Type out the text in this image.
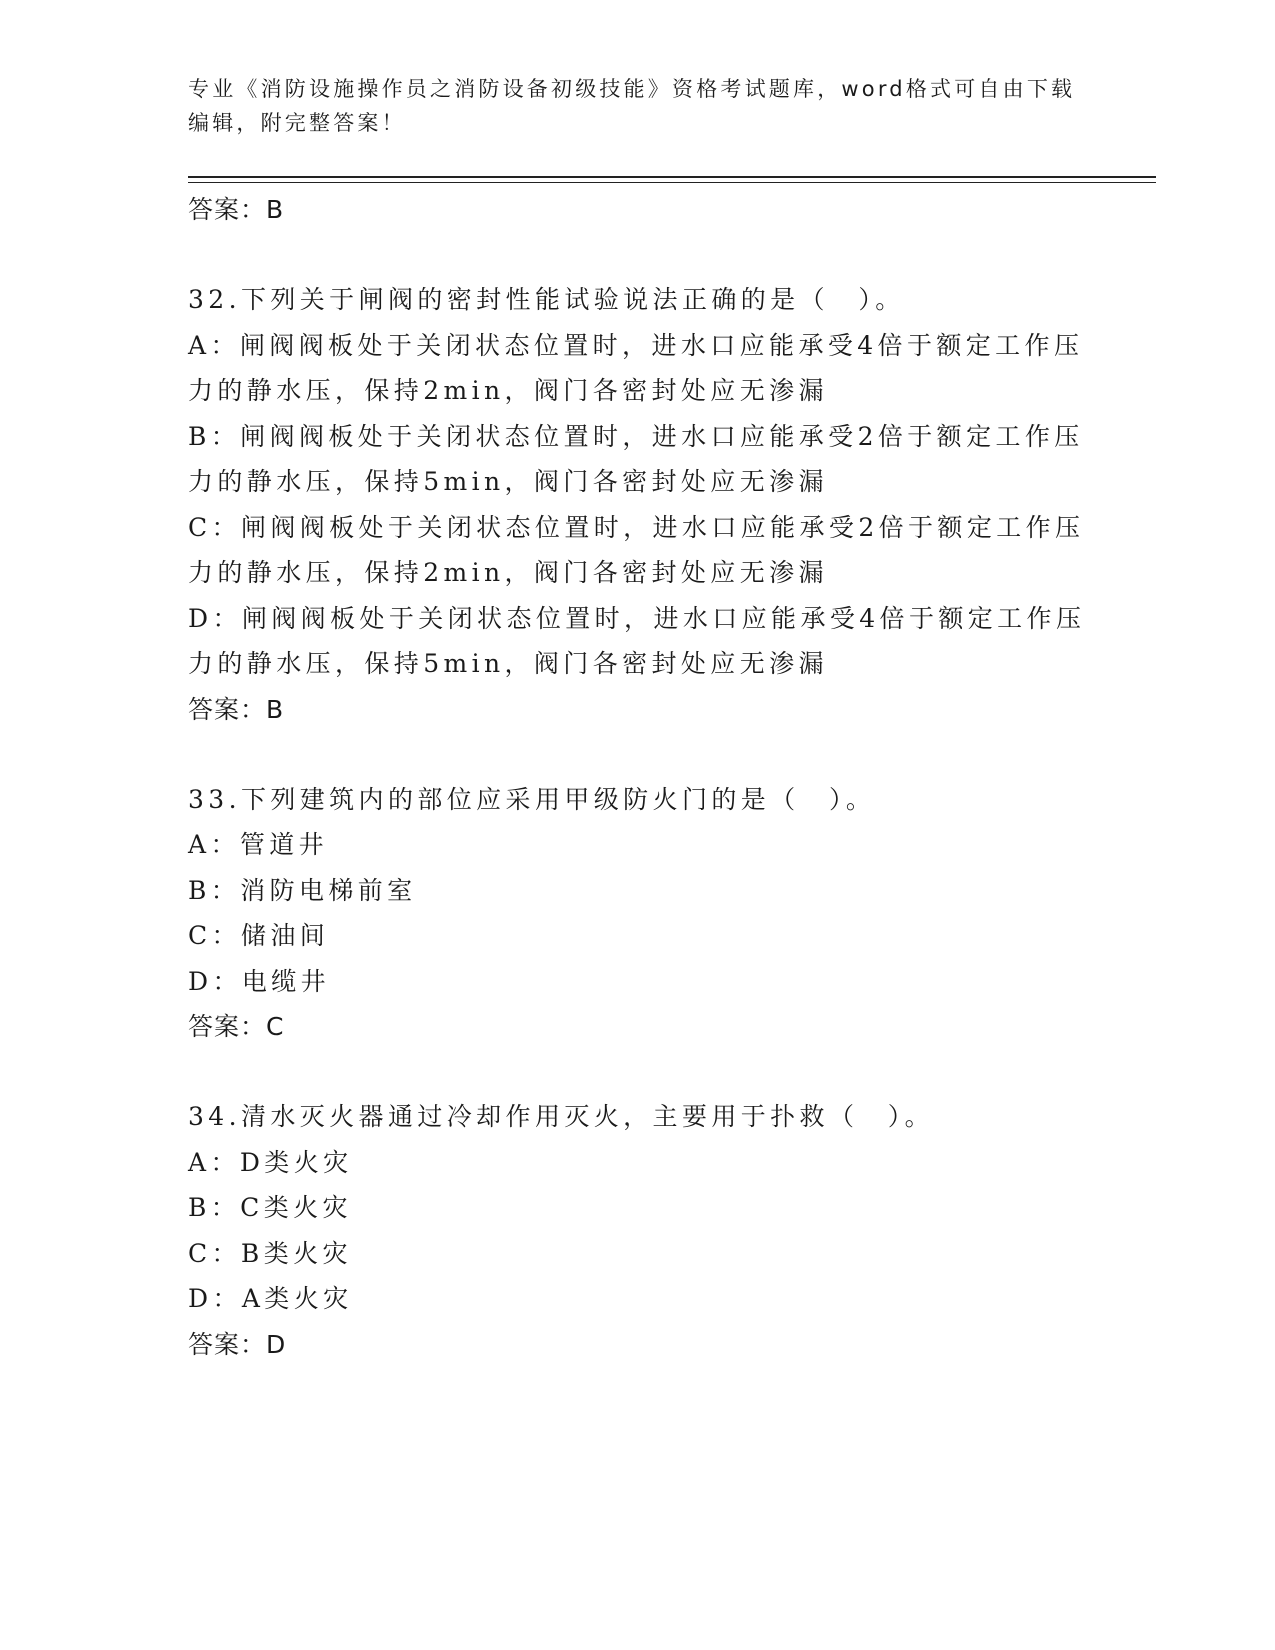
专业《消防设施操作员之消防设备初级技能》资格考试题库，word格式可自由下载编辑，附完整答案！
答案：B
32.下列关于闸阀的密封性能试验说法正确的是（　）。
A：闸阀阀板处于关闭状态位置时，进水口应能承受4倍于额定工作压力的静水压，保持2min，阀门各密封处应无渗漏
B：闸阀阀板处于关闭状态位置时，进水口应能承受2倍于额定工作压力的静水压，保持5min，阀门各密封处应无渗漏
C：闸阀阀板处于关闭状态位置时，进水口应能承受2倍于额定工作压力的静水压，保持2min，阀门各密封处应无渗漏
D：闸阀阀板处于关闭状态位置时，进水口应能承受4倍于额定工作压力的静水压，保持5min，阀门各密封处应无渗漏
答案：B
33.下列建筑内的部位应采用甲级防火门的是（　）。
A：管道井
B：消防电梯前室
C：储油间
D：电缆井
答案：C
34.清水灭火器通过冷却作用灭火，主要用于扑救（　）。
A：D类火灾
B：C类火灾
C：B类火灾
D：A类火灾
答案：D
